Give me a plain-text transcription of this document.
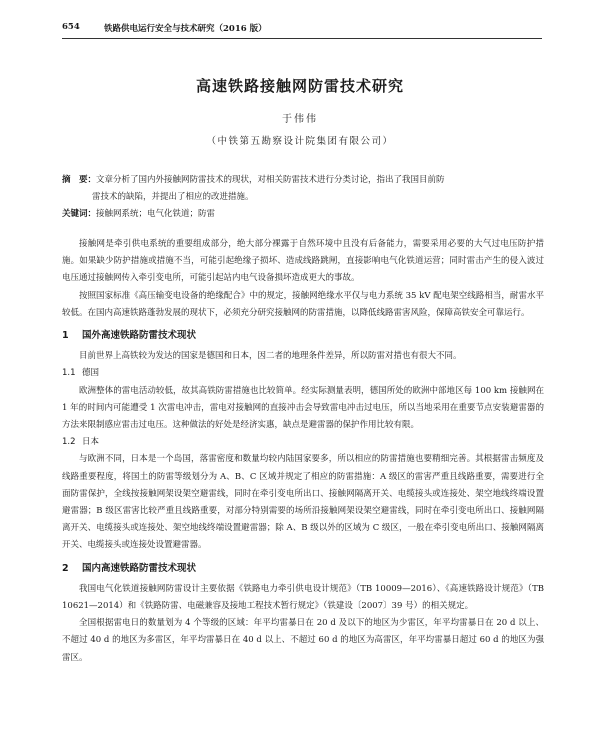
654	铁路供电运行安全与技术研究（2016 版）
高速铁路接触网防雷技术研究
于伟伟
（中铁第五勘察设计院集团有限公司）

摘　要：文章分析了国内外接触网防雷技术的现状，对相关防雷技术进行分类讨论，指出了我国目前防

雷技术的缺陷，并提出了相应的改进措施。

关键词：接触网系统；电气化铁道；防雷

接触网是牵引供电系统的重要组成部分，绝大部分裸露于自然环境中且没有后备能力，需要采用必要的大气过电压防护措施。如果缺少防护措施或措施不当，可能引起绝缘子损坏、造成线路跳闸，直接影响电气化铁道运营；同时雷击产生的侵入波过电压通过接触网传入牵引变电所，可能引起站内电气设备损坏造成更大的事故。

按照国家标准《高压输变电设备的绝缘配合》中的规定，接触网绝缘水平仅与电力系统 35 kV 配电架空线路相当，耐雷水平较低。在国内高速铁路蓬勃发展的现状下，必须充分研究接触网的防雷措施，以降低线路雷害风险，保障高铁安全可靠运行。

1 国外高速铁路防雷技术现状

目前世界上高铁较为发达的国家是德国和日本，因二者的地理条件差异，所以防雷对措也有很大不同。

1.1 德国

欧洲整体的雷电活动较低，故其高铁防雷措施也比较简单。经实际测量表明，德国所处的欧洲中部地区每 100 km 接触网在 1 年的时间内可能遭受 1 次雷电冲击，雷电对接触网的直接冲击会导致雷电冲击过电压，所以当地采用在重要节点安装避雷器的方法来限制感应雷击过电压。这种做法的好处是经济实惠，缺点是避雷器的保护作用比较有限。

1.2 日本

与欧洲不同，日本是一个岛国，落雷密度和数量均较内陆国家要多，所以相应的防雷措施也要精细完善。其根据雷击频度及线路重要程度，将国土的防雷等级划分为 A、B、C 区域并规定了相应的防雷措施：A 级区的雷害严重且线路重要，需要进行全面防雷保护，全线按接触网架设架空避雷线，同时在牵引变电所出口、接触网隔离开关、电缆接头或连接处、架空地线终端设置避雷器；B 级区雷害比较严重且线路重要，对部分特别需要的场所沿接触网架设架空避雷线，同时在牵引变电所出口、接触网隔离开关、电缆接头或连接处、架空地线终端设置避雷器；除 A、B 级以外的区域为 C 级区，一般在牵引变电所出口、接触网隔离开关、电缆接头或连接处设置避雷器。

2 国内高速铁路防雷技术现状

我国电气化铁道接触网防雷设计主要依据《铁路电力牵引供电设计规范》（TB 10009—2016）、《高速铁路设计规范》（TB 10621—2014）和《铁路防雷、电磁兼容及接地工程技术暂行规定》（铁建设〔2007〕39 号）的相关规定。

全国根据雷电日的数量划为 4 个等级的区域：年平均雷暴日在 20 d 及以下的地区为少雷区，年平均雷暴日在 20 d 以上、不超过 40 d 的地区为多雷区，年平均雷暴日在 40 d 以上、不超过 60 d 的地区为高雷区，年平均雷暴日超过 60 d 的地区为强雷区。
